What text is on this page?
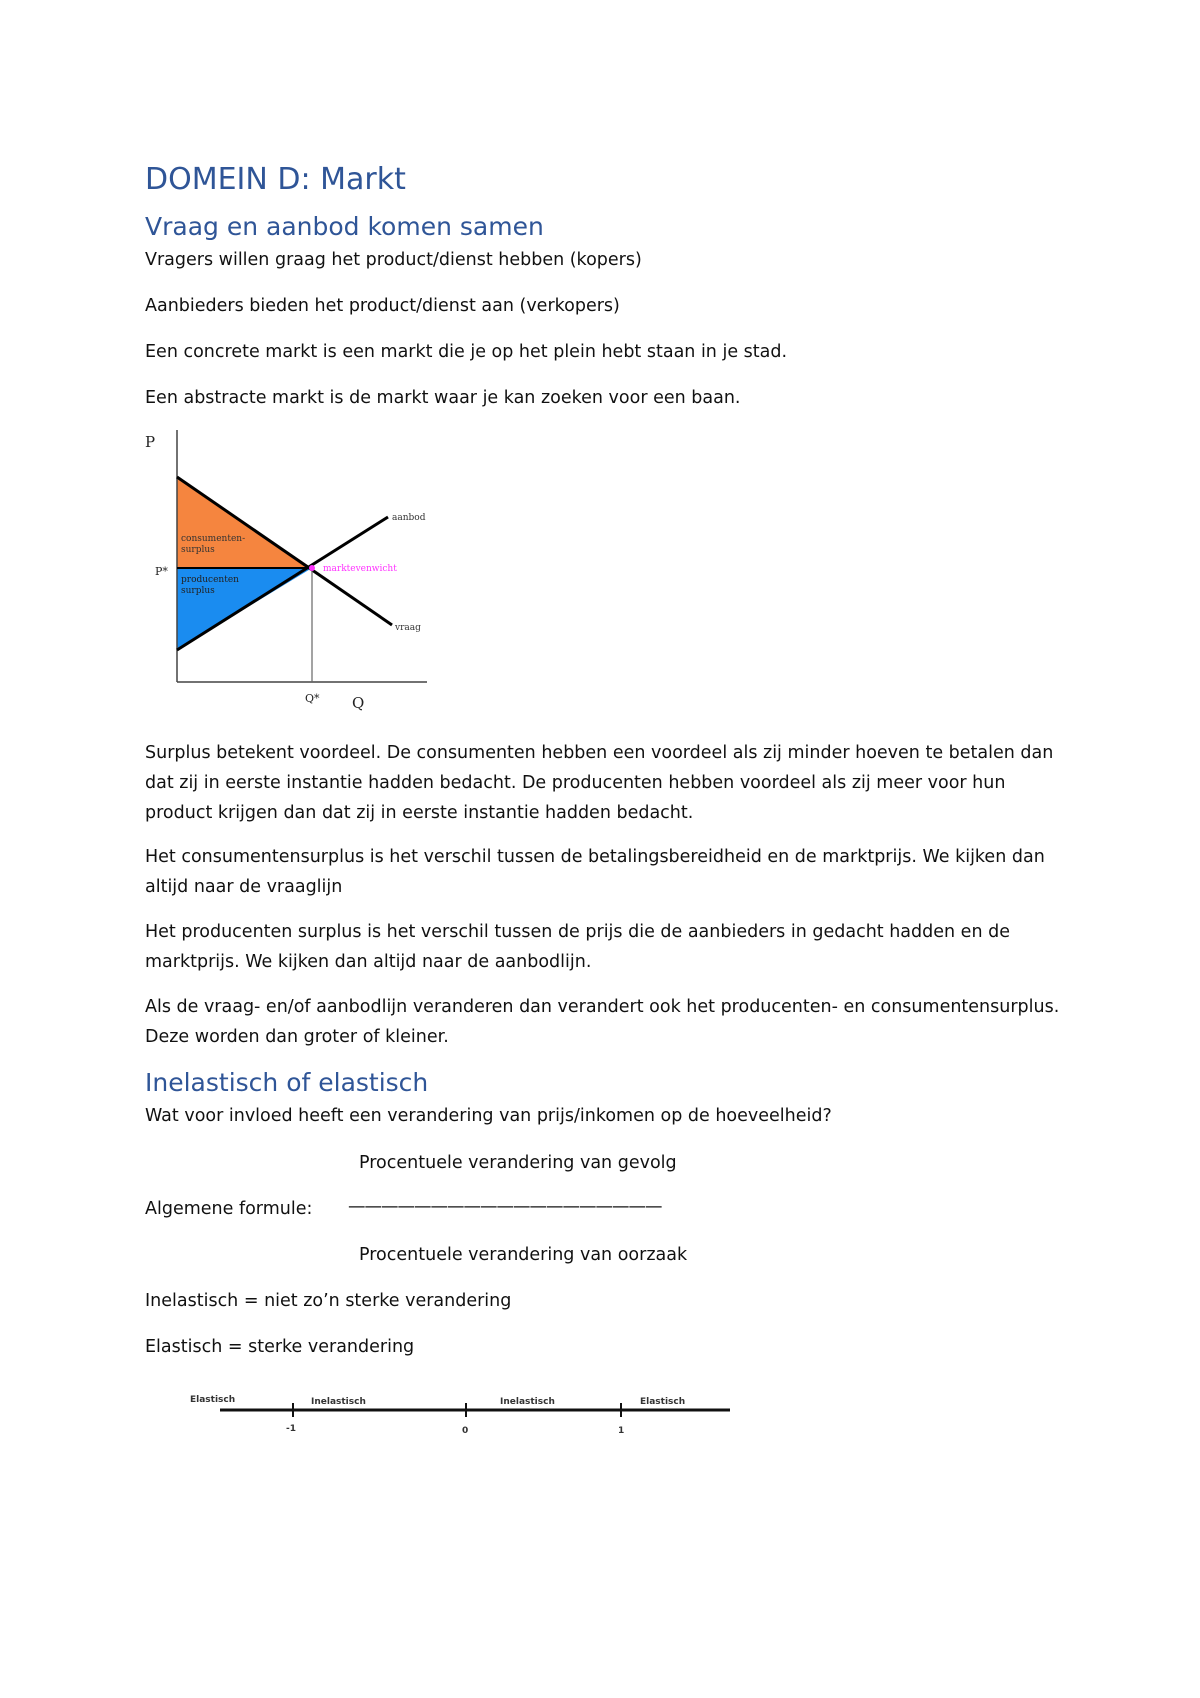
DOMEIN D: Markt
Vraag en aanbod komen samen

Vragers willen graag het product/dienst hebben (kopers)

Aanbieders bieden het product/dienst aan (verkopers)

Een concrete markt is een markt die je op het plein hebt staan in je stad.

Een abstracte markt is de markt waar je kan zoeken voor een baan.

P
P*
Q
Q*
aanbod
vraag
marktevenwicht
consumenten- surplus
producenten surplus

Surplus betekent voordeel. De consumenten hebben een voordeel als zij minder hoeven te betalen dan dat zij in eerste instantie hadden bedacht. De producenten hebben voordeel als zij meer voor hun product krijgen dan dat zij in eerste instantie hadden bedacht.

Het consumentensurplus is het verschil tussen de betalingsbereidheid en de marktprijs. We kijken dan altijd naar de vraaglijn

Het producenten surplus is het verschil tussen de prijs die de aanbieders in gedacht hadden en de marktprijs. We kijken dan altijd naar de aanbodlijn.

Als de vraag- en/of aanbodlijn veranderen dan verandert ook het producenten- en consumentensurplus. Deze worden dan groter of kleiner.

Inelastisch of elastisch

Wat voor invloed heeft een verandering van prijs/inkomen op de hoeveelheid?

Procentuele verandering van gevolg
Algemene formule: ———————————————————
Procentuele verandering van oorzaak

Inelastisch = niet zo’n sterke verandering

Elastisch = sterke verandering

Elastisch	Inelastisch	Inelastisch	Elastisch
-1	0	1
